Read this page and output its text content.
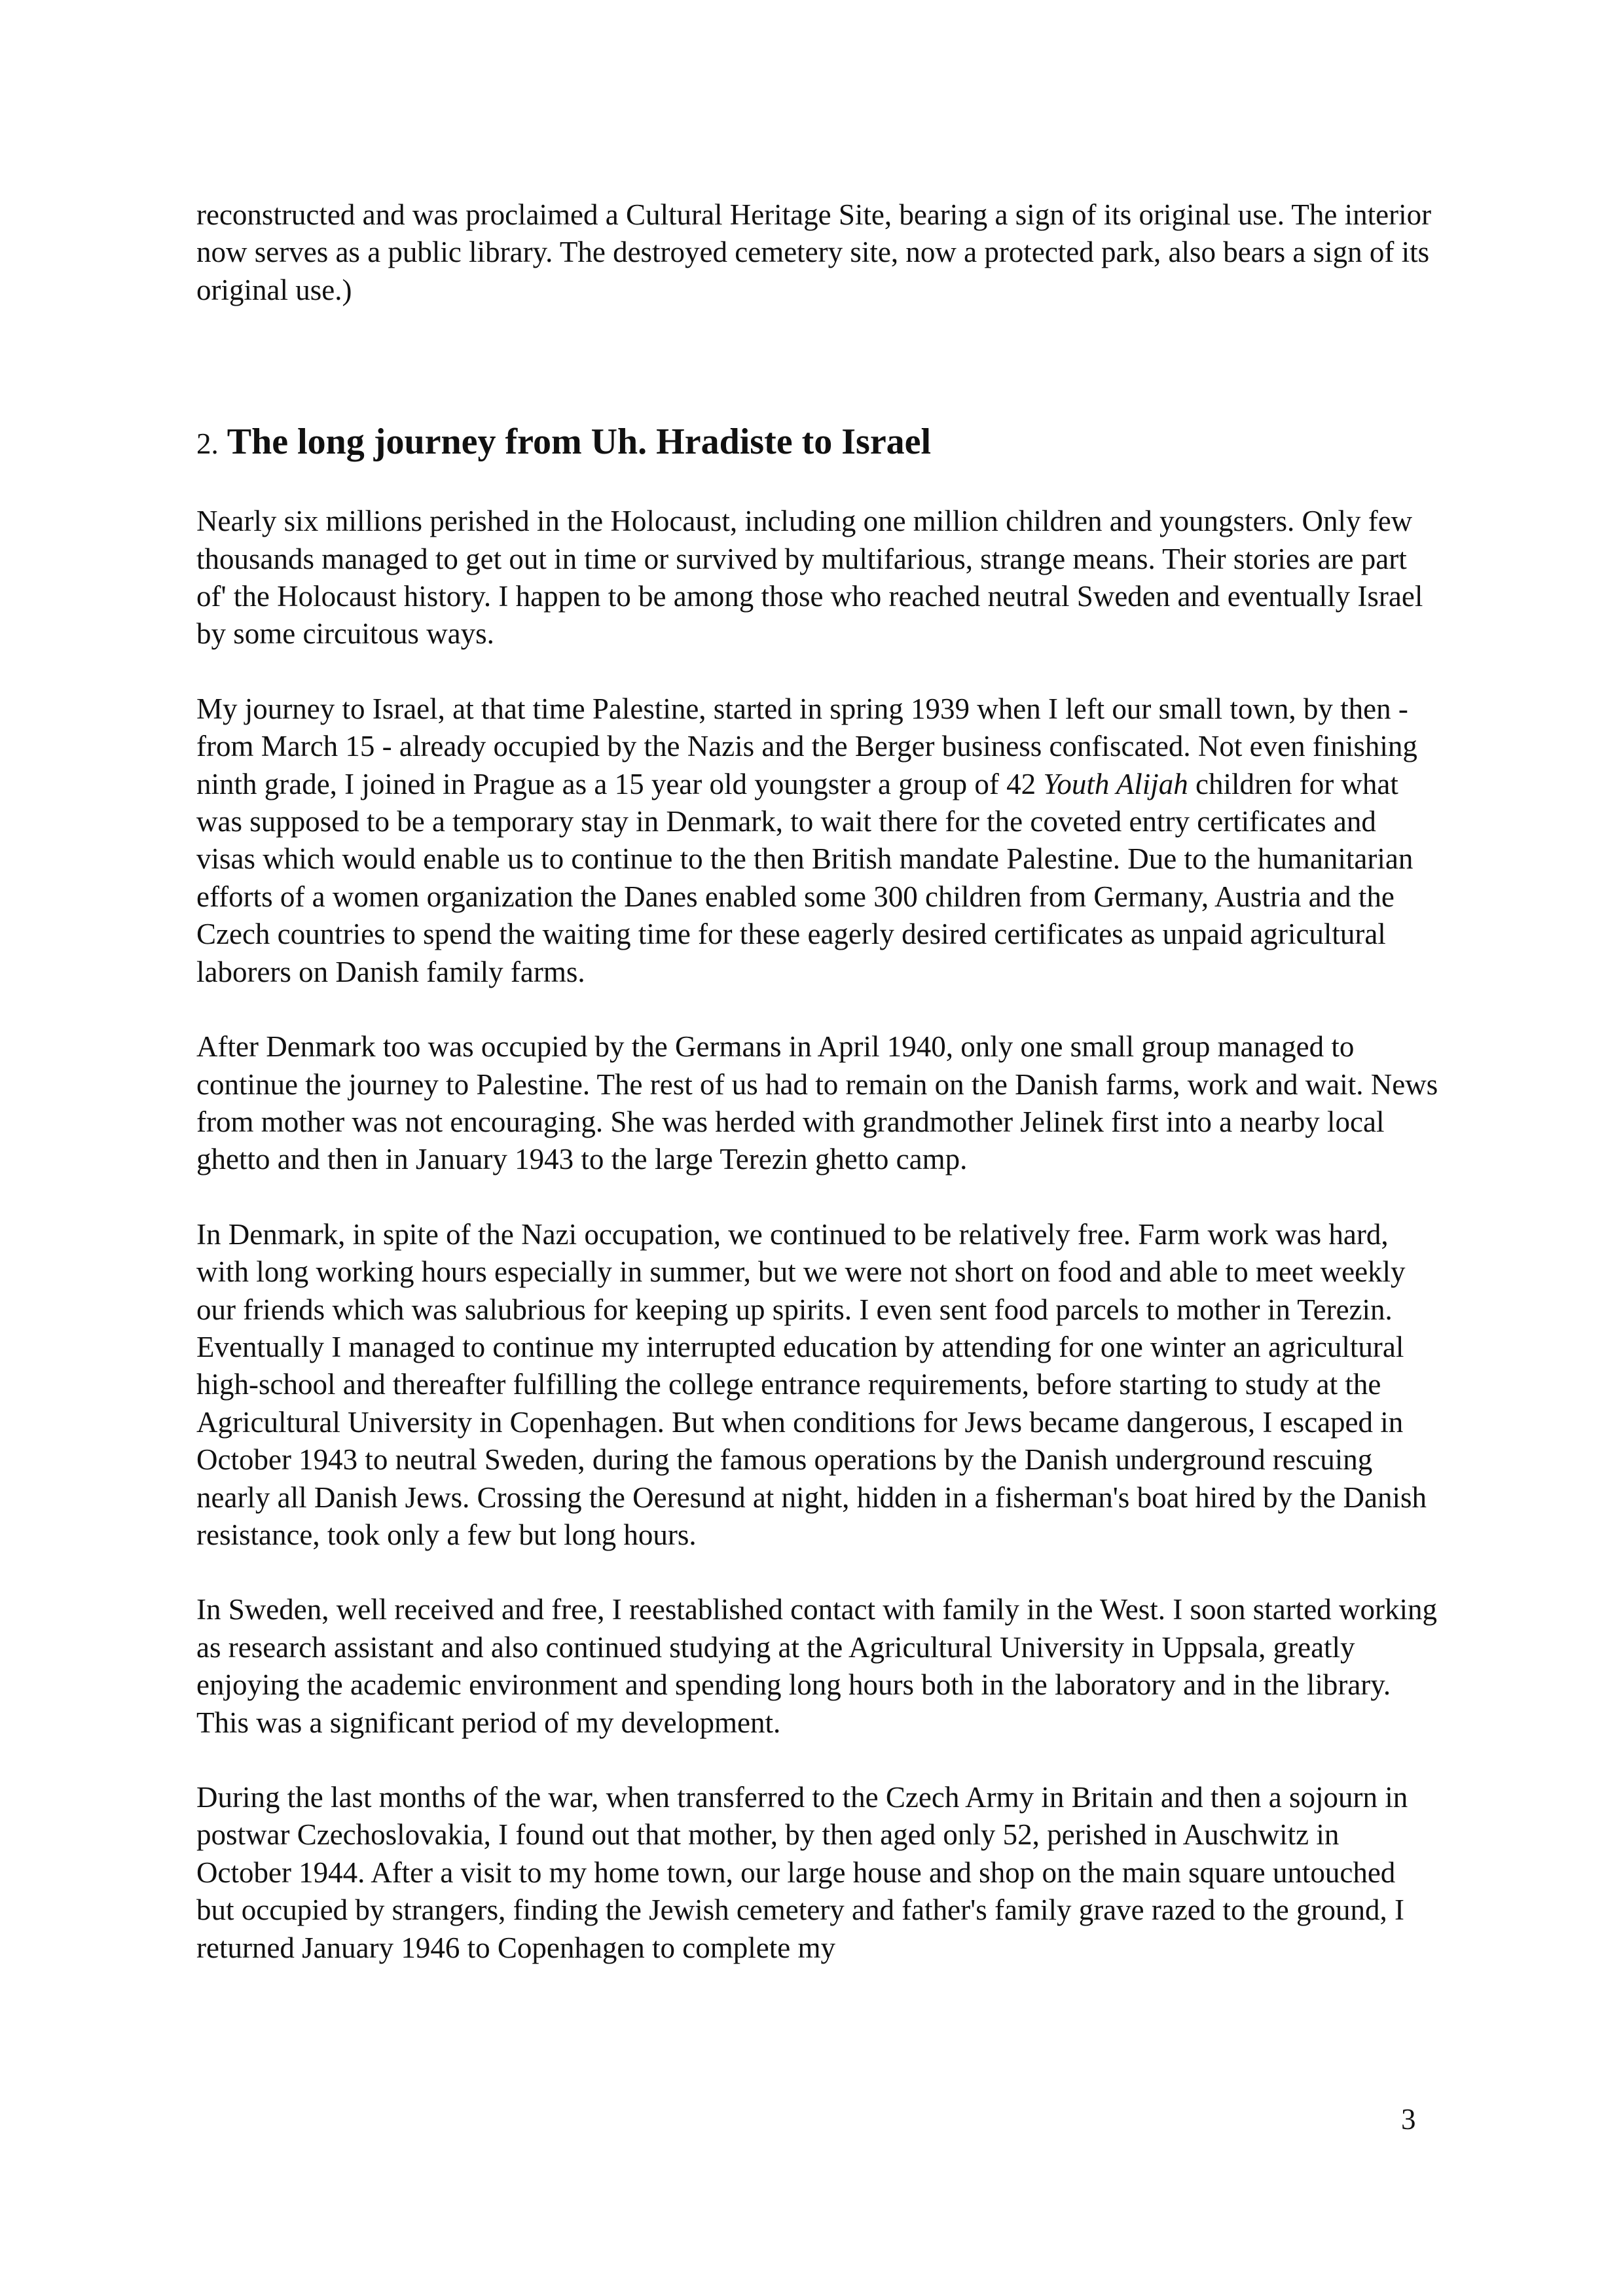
reconstructed and was proclaimed a Cultural Heritage Site, bearing a sign of its original use. The interior now serves as a public library. The destroyed cemetery site, now a protected park, also bears a sign of its original use.)

2. The long journey from Uh. Hradiste to Israel

Nearly six millions perished in the Holocaust, including one million children and youngsters. Only few thousands managed to get out in time or survived by multifarious, strange means. Their stories are part of' the Holocaust history. I happen to be among those who reached neutral Sweden and eventually Israel by some circuitous ways.

My journey to Israel, at that time Palestine, started in spring 1939 when I left our small town, by then - from March 15 - already occupied by the Nazis and the Berger business confiscated. Not even finishing ninth grade, I joined in Prague as a 15 year old youngster a group of 42 Youth Alijah children for what was supposed to be a temporary stay in Denmark, to wait there for the coveted entry certificates and visas which would enable us to continue to the then British mandate Palestine. Due to the humanitarian efforts of a women organization the Danes enabled some 300 children from Germany, Austria and the Czech countries to spend the waiting time for these eagerly desired certificates as unpaid agricultural laborers on Danish family farms.

After Denmark too was occupied by the Germans in April 1940, only one small group managed to continue the journey to Palestine. The rest of us had to remain on the Danish farms, work and wait. News from mother was not encouraging. She was herded with grandmother Jelinek first into a nearby local ghetto and then in January 1943 to the large Terezin ghetto camp.

In Denmark, in spite of the Nazi occupation, we continued to be relatively free. Farm work was hard, with long working hours especially in summer, but we were not short on food and able to meet weekly our friends which was salubrious for keeping up spirits. I even sent food parcels to mother in Terezin. Eventually I managed to continue my interrupted education by attending for one winter an agricultural high-school and thereafter fulfilling the college entrance requirements, before starting to study at the Agricultural University in Copenhagen. But when conditions for Jews became dangerous, I escaped in October 1943 to neutral Sweden, during the famous operations by the Danish underground rescuing nearly all Danish Jews. Crossing the Oeresund at night, hidden in a fisherman's boat hired by the Danish resistance, took only a few but long hours.

In Sweden, well received and free, I reestablished contact with family in the West. I soon started working as research assistant and also continued studying at the Agricultural University in Uppsala, greatly enjoying the academic environment and spending long hours both in the laboratory and in the library. This was a significant period of my development.

During the last months of the war, when transferred to the Czech Army in Britain and then a sojourn in postwar Czechoslovakia, I found out that mother, by then aged only 52, perished in Auschwitz in October 1944. After a visit to my home town, our large house and shop on the main square untouched but occupied by strangers, finding the Jewish cemetery and father's family grave razed to the ground, I returned January 1946 to Copenhagen to complete my

3
